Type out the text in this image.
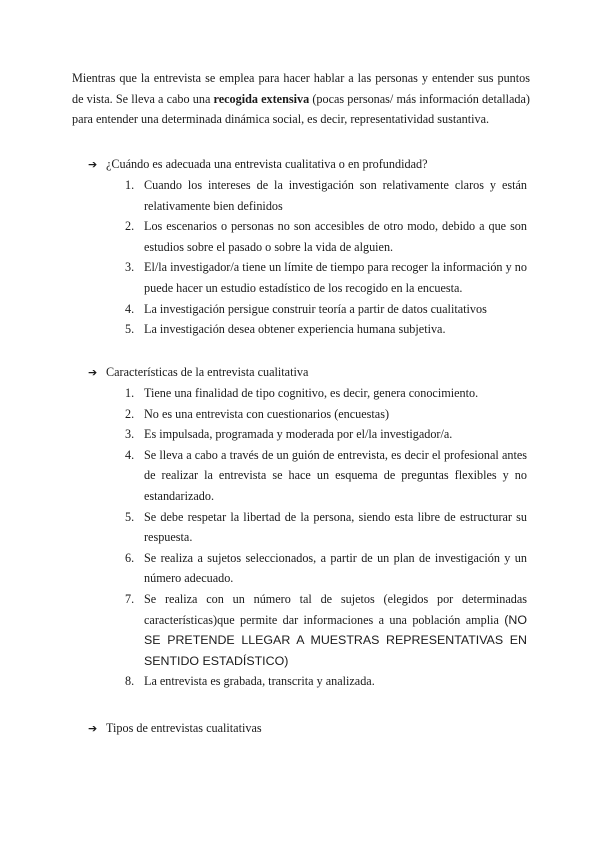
Mientras que la entrevista se emplea para hacer hablar a las personas y entender sus puntos de vista. Se lleva a cabo una recogida extensiva (pocas personas/ más información detallada) para entender una determinada dinámica social, es decir, representatividad sustantiva.

➔ ¿Cuándo es adecuada una entrevista cualitativa o en profundidad?
1. Cuando los intereses de la investigación son relativamente claros y están relativamente bien definidos
2. Los escenarios o personas no son accesibles de otro modo, debido a que son estudios sobre el pasado o sobre la vida de alguien.
3. El/la investigador/a tiene un límite de tiempo para recoger la información y no puede hacer un estudio estadístico de los recogido en la encuesta.
4. La investigación persigue construir teoría a partir de datos cualitativos
5. La investigación desea obtener experiencia humana subjetiva.
➔ Características de la entrevista cualitativa
1. Tiene una finalidad de tipo cognitivo, es decir, genera conocimiento.
2. No es una entrevista con cuestionarios (encuestas)
3. Es impulsada, programada y moderada por el/la investigador/a.
4. Se lleva a cabo a través de un guión de entrevista, es decir el profesional antes de realizar la entrevista se hace un esquema de preguntas flexibles y no estandarizado.
5. Se debe respetar la libertad de la persona, siendo esta libre de estructurar su respuesta.
6. Se realiza a sujetos seleccionados, a partir de un plan de investigación y un número adecuado.
7. Se realiza con un número tal de sujetos (elegidos por determinadas características)que permite dar informaciones a una población amplia (NO SE PRETENDE LLEGAR A MUESTRAS REPRESENTATIVAS EN SENTIDO ESTADÍSTICO)
8. La entrevista es grabada, transcrita y analizada.
➔ Tipos de entrevistas cualitativas
